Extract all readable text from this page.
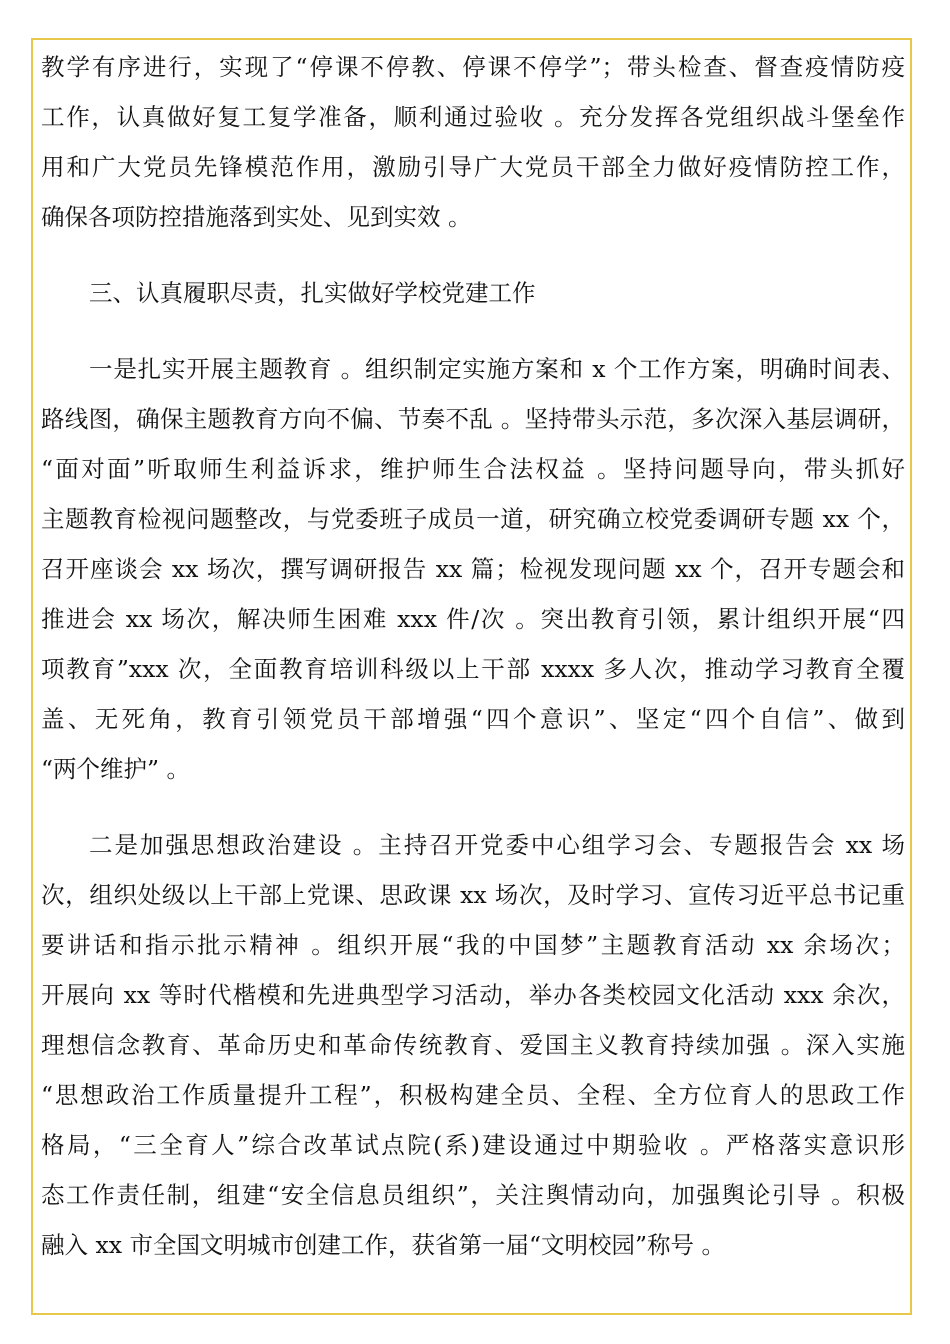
教学有序进行，实现了“停课不停教、停课不停学”；带头检查、督查疫情防疫
工作，认真做好复工复学准备，顺利通过验收 。充分发挥各党组织战斗堡垒作
用和广大党员先锋模范作用，激励引导广大党员干部全力做好疫情防控工作，
确保各项防控措施落到实处、见到实效 。
三、认真履职尽责，扎实做好学校党建工作
一是扎实开展主题教育 。组织制定实施方案和 x 个工作方案，明确时间表、
路线图，确保主题教育方向不偏、节奏不乱 。坚持带头示范，多次深入基层调研，
“面对面”听取师生利益诉求，维护师生合法权益 。坚持问题导向，带头抓好
主题教育检视问题整改，与党委班子成员一道，研究确立校党委调研专题 xx 个，
召开座谈会 xx 场次，撰写调研报告 xx 篇；检视发现问题 xx 个，召开专题会和
推进会 xx 场次，解决师生困难 xxx 件/次 。突出教育引领，累计组织开展“四
项教育”xxx 次，全面教育培训科级以上干部 xxxx 多人次，推动学习教育全覆
盖、无死角，教育引领党员干部增强“四个意识”、坚定“四个自信”、做到
“两个维护” 。
二是加强思想政治建设 。主持召开党委中心组学习会、专题报告会 xx 场
次，组织处级以上干部上党课、思政课 xx 场次，及时学习、宣传习近平总书记重
要讲话和指示批示精神 。组织开展“我的中国梦”主题教育活动 xx 余场次；
开展向 xx 等时代楷模和先进典型学习活动，举办各类校园文化活动 xxx 余次，
理想信念教育、革命历史和革命传统教育、爱国主义教育持续加强 。深入实施
“思想政治工作质量提升工程”，积极构建全员、全程、全方位育人的思政工作
格局，“三全育人”综合改革试点院(系)建设通过中期验收 。严格落实意识形
态工作责任制，组建“安全信息员组织”，关注舆情动向，加强舆论引导 。积极
融入 xx 市全国文明城市创建工作，获省第一届“文明校园”称号 。
